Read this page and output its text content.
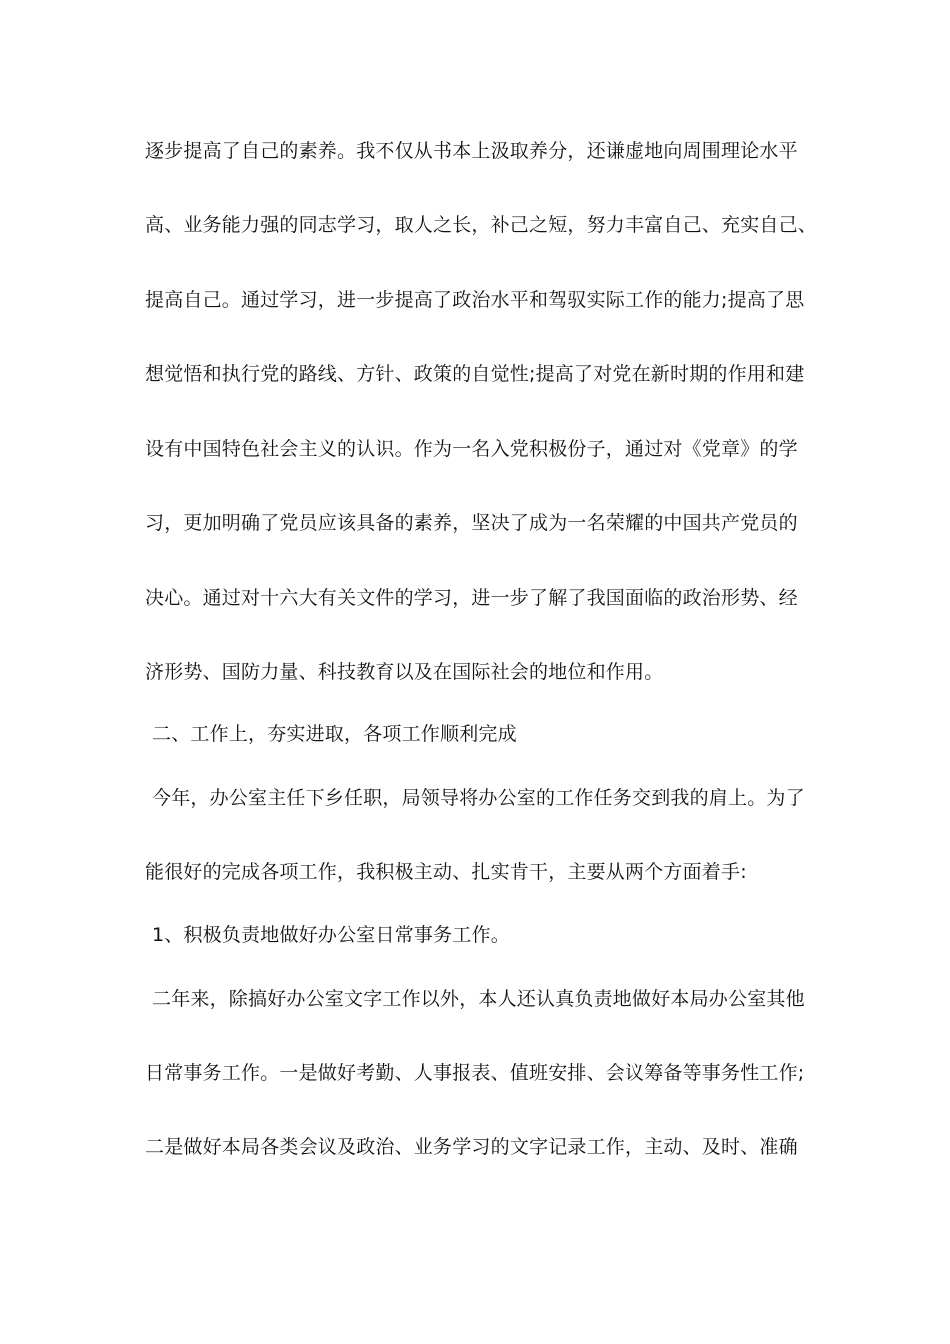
逐步提高了自己的素养。我不仅从书本上汲取养分，还谦虚地向周围理论水平
高、业务能力强的同志学习，取人之长，补己之短，努力丰富自己、充实自己、
提高自己。通过学习，进一步提高了政治水平和驾驭实际工作的能力;提高了思
想觉悟和执行党的路线、方针、政策的自觉性;提高了对党在新时期的作用和建
设有中国特色社会主义的认识。作为一名入党积极份子，通过对《党章》的学
习，更加明确了党员应该具备的素养，坚决了成为一名荣耀的中国共产党员的
决心。通过对十六大有关文件的学习，进一步了解了我国面临的政治形势、经
济形势、国防力量、科技教育以及在国际社会的地位和作用。
二、工作上，夯实进取，各项工作顺利完成
今年，办公室主任下乡任职，局领导将办公室的工作任务交到我的肩上。为了
能很好的完成各项工作，我积极主动、扎实肯干，主要从两个方面着手:
1、积极负责地做好办公室日常事务工作。
二年来，除搞好办公室文字工作以外，本人还认真负责地做好本局办公室其他
日常事务工作。一是做好考勤、人事报表、值班安排、会议筹备等事务性工作;
二是做好本局各类会议及政治、业务学习的文字记录工作，主动、及时、准确
